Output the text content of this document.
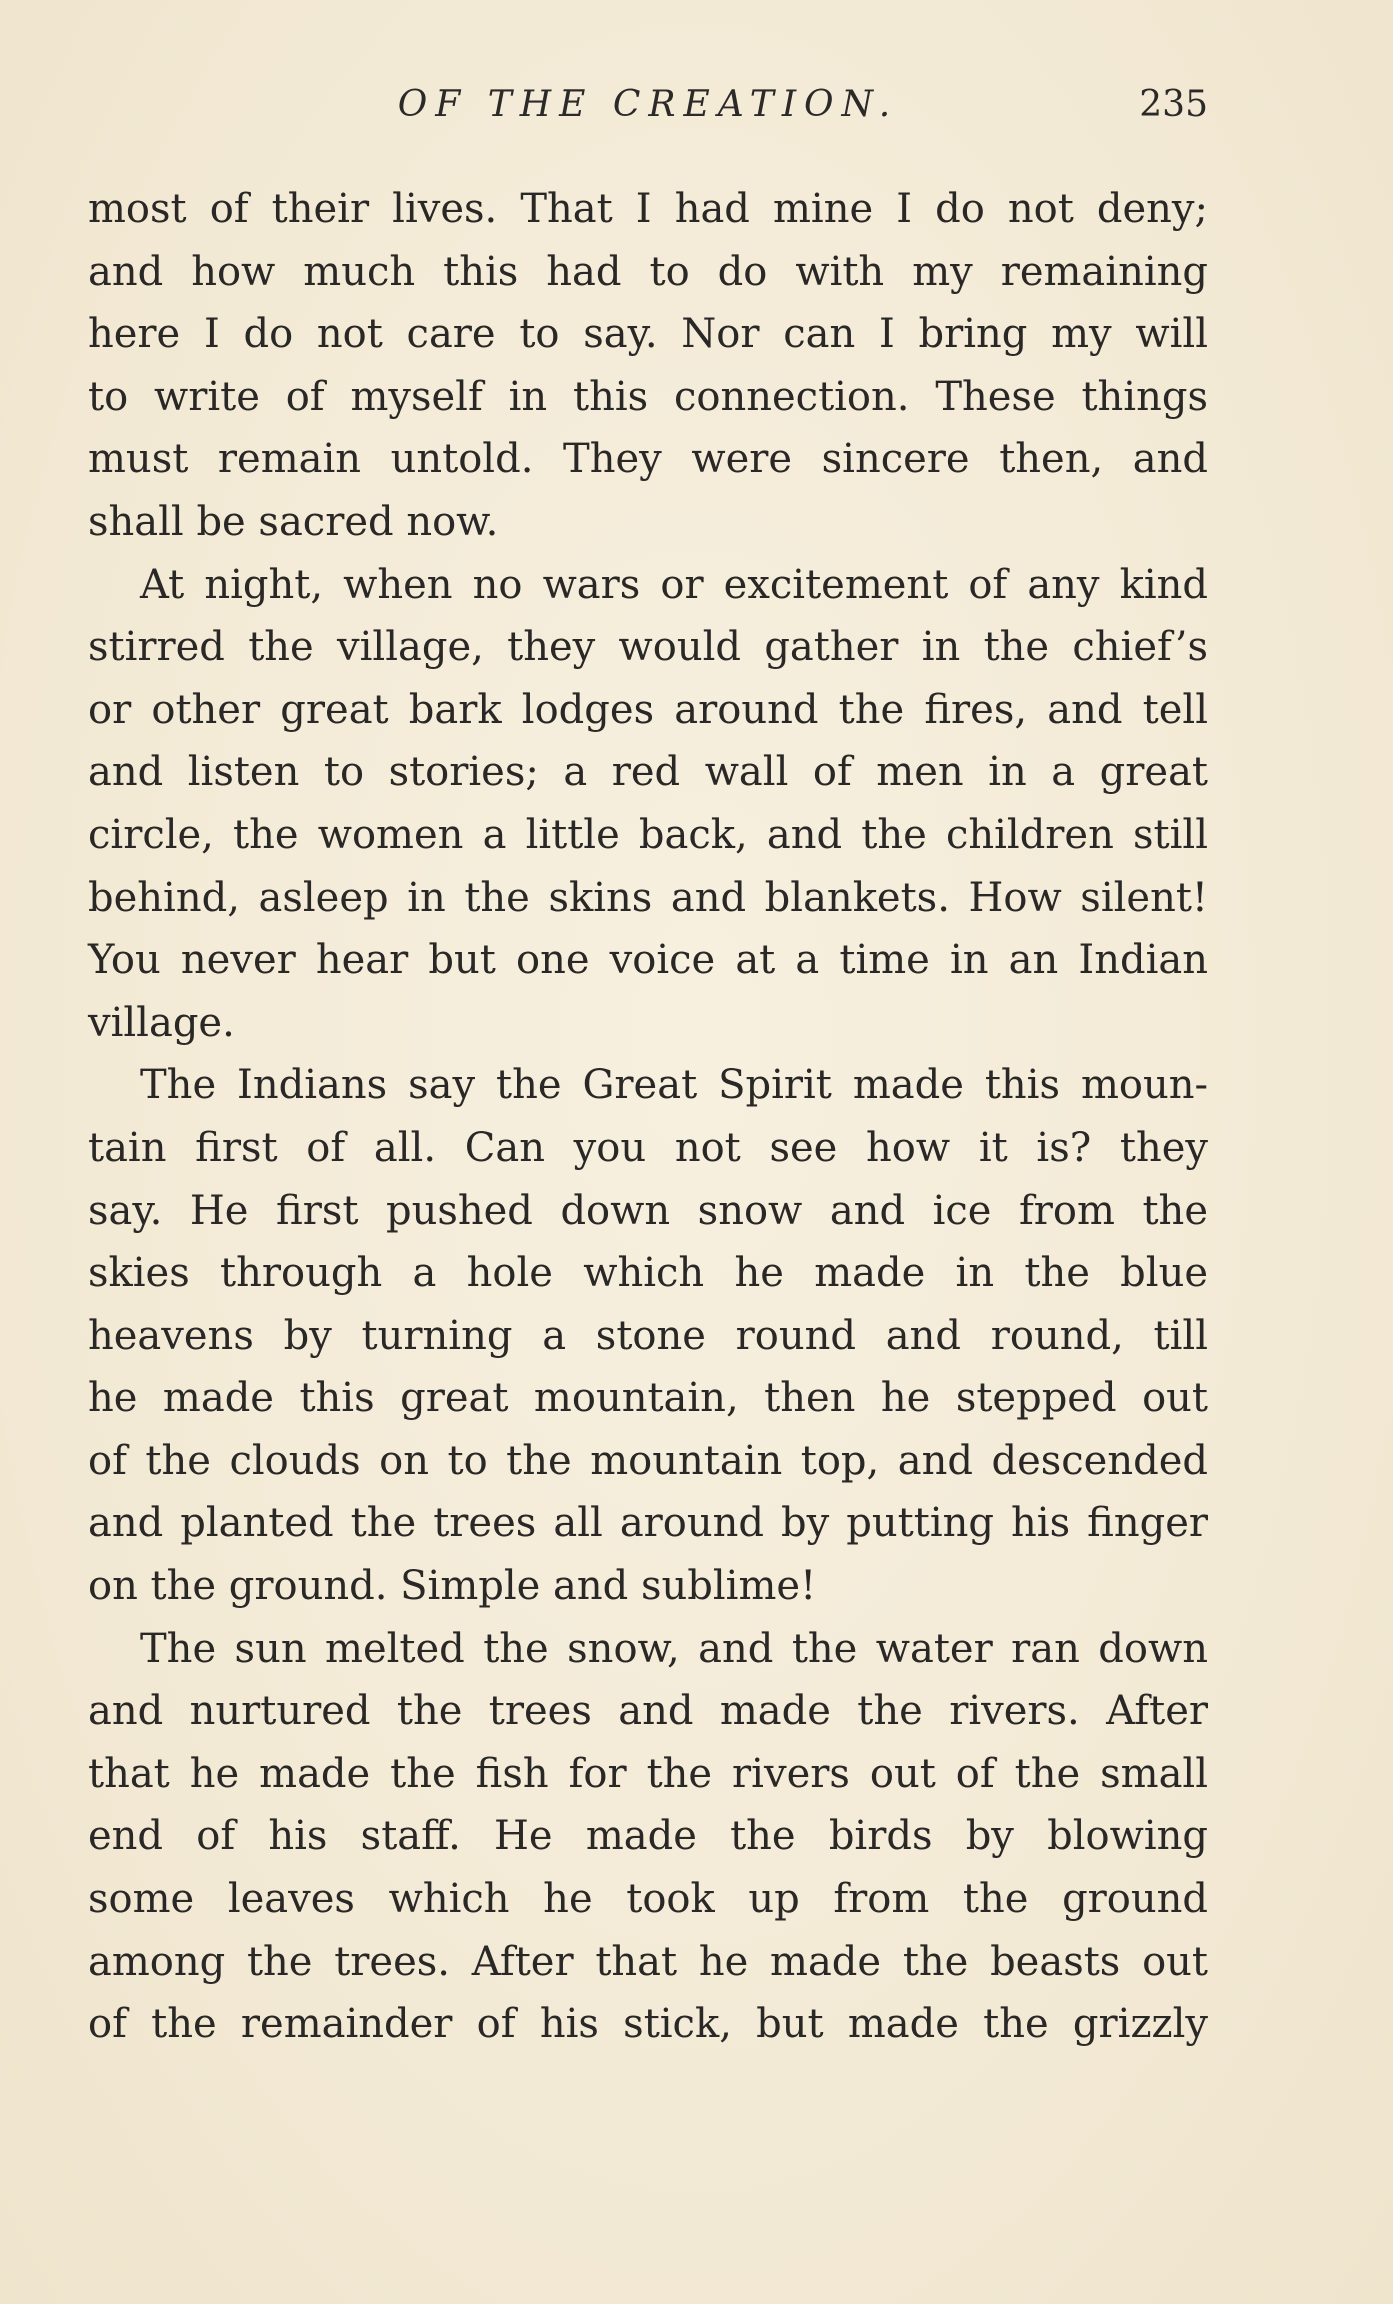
OF THE CREATION.	235
most of their lives. That I had mine I do not deny;
and how much this had to do with my remaining
here I do not care to say. Nor can I bring my will
to write of myself in this connection. These things
must remain untold. They were sincere then, and
shall be sacred now.
At night, when no wars or excitement of any kind
stirred the village, they would gather in the chief’s
or other great bark lodges around the fires, and tell
and listen to stories; a red wall of men in a great
circle, the women a little back, and the children still
behind, asleep in the skins and blankets. How silent!
You never hear but one voice at a time in an Indian
village.
The Indians say the Great Spirit made this moun-
tain first of all. Can you not see how it is? they
say. He first pushed down snow and ice from the
skies through a hole which he made in the blue
heavens by turning a stone round and round, till
he made this great mountain, then he stepped out
of the clouds on to the mountain top, and descended
and planted the trees all around by putting his finger
on the ground. Simple and sublime!
The sun melted the snow, and the water ran down
and nurtured the trees and made the rivers. After
that he made the fish for the rivers out of the small
end of his staff. He made the birds by blowing
some leaves which he took up from the ground
among the trees. After that he made the beasts out
of the remainder of his stick, but made the grizzly
